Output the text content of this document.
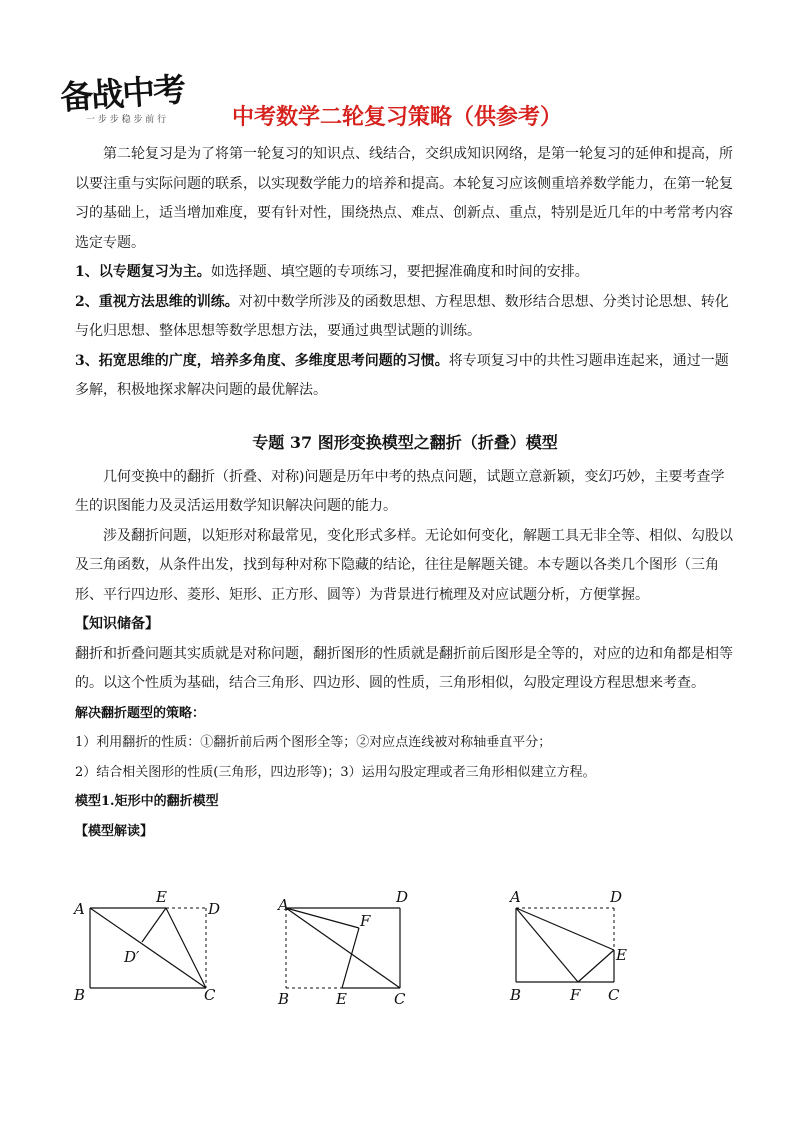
备战中考
一 步 步 稳 步 前 行	中考数学二轮复习策略（供参考）

第二轮复习是为了将第一轮复习的知识点、线结合，交织成知识网络，是第一轮复习的延伸和提高，所以要注重与实际问题的联系，以实现数学能力的培养和提高。本轮复习应该侧重培养数学能力，在第一轮复习的基础上，适当增加难度，要有针对性，围绕热点、难点、创新点、重点，特别是近几年的中考常考内容选定专题。

1、以专题复习为主。如选择题、填空题的专项练习，要把握准确度和时间的安排。

2、重视方法思维的训练。对初中数学所涉及的函数思想、方程思想、数形结合思想、分类讨论思想、转化与化归思想、整体思想等数学思想方法，要通过典型试题的训练。

3、拓宽思维的广度，培养多角度、多维度思考问题的习惯。将专项复习中的共性习题串连起来，通过一题多解，积极地探求解决问题的最优解法。

专题 37 图形变换模型之翻折（折叠）模型

几何变换中的翻折（折叠、对称)问题是历年中考的热点问题，试题立意新颖，变幻巧妙，主要考查学生的识图能力及灵活运用数学知识解决问题的能力。

涉及翻折问题，以矩形对称最常见，变化形式多样。无论如何变化，解题工具无非全等、相似、勾股以及三角函数，从条件出发，找到每种对称下隐藏的结论，往往是解题关键。本专题以各类几个图形（三角形、平行四边形、菱形、矩形、正方形、圆等）为背景进行梳理及对应试题分析，方便掌握。

【知识储备】

翻折和折叠问题其实质就是对称问题，翻折图形的性质就是翻折前后图形是全等的，对应的边和角都是相等的。以这个性质为基础，结合三角形、四边形、圆的性质，三角形相似，勾股定理设方程思想来考查。

解决翻折题型的策略：

1）利用翻折的性质：①翻折前后两个图形全等；②对应点连线被对称轴垂直平分；

2）结合相关图形的性质(三角形，四边形等)；3）运用勾股定理或者三角形相似建立方程。

模型1.矩形中的翻折模型

【模型解读】

A
E
D
D′
B	C
A	D
F
B	E	C
A	D
E
B	F C
